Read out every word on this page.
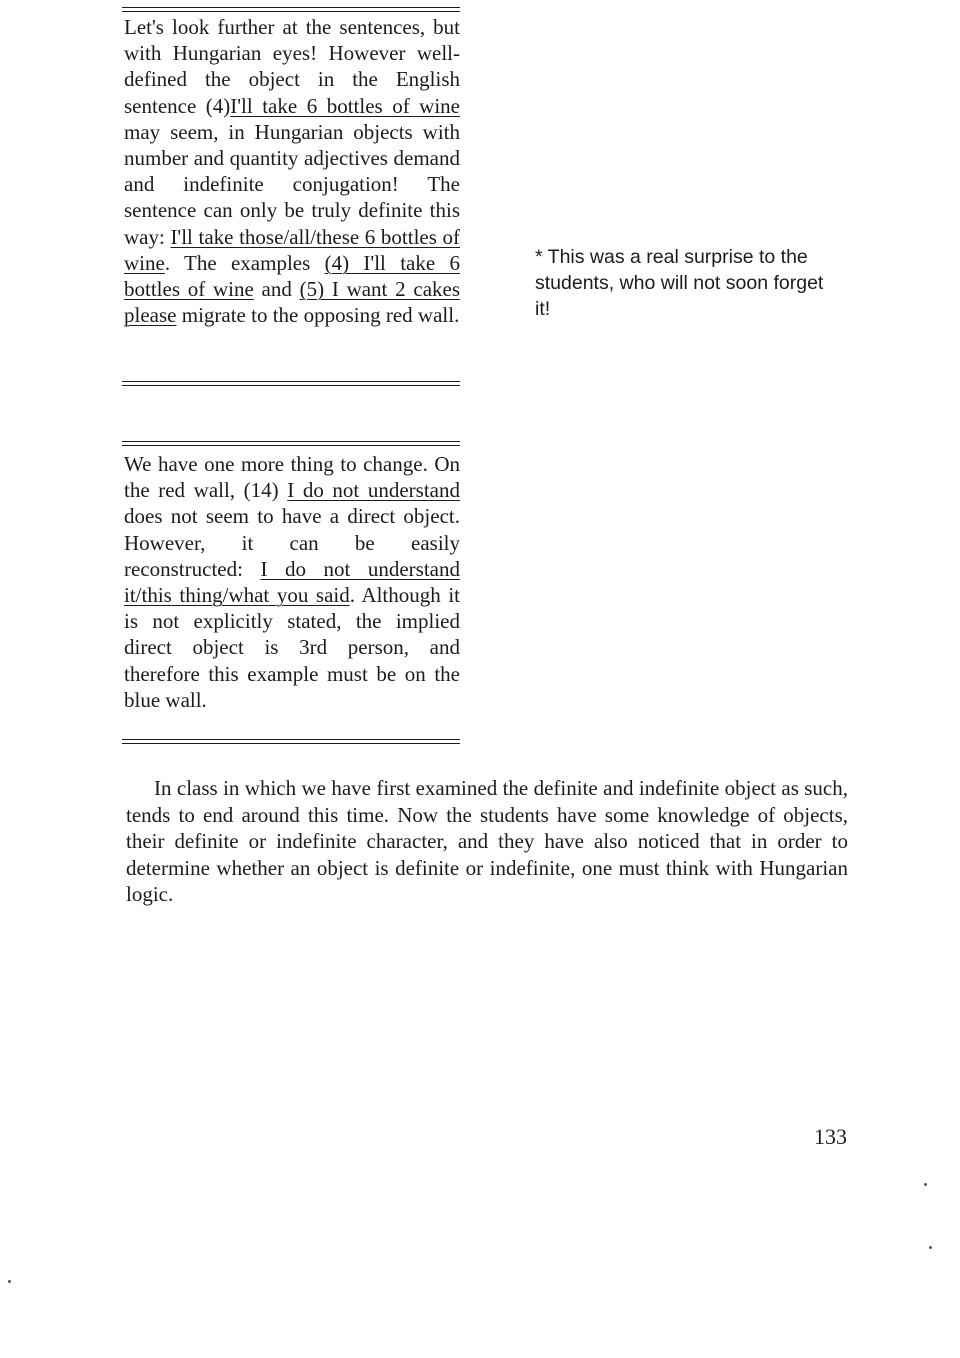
Let's look further at the sentences, but with Hungarian eyes! However well-defined the object in the English sentence (4)I'll take 6 bottles of wine may seem, in Hungarian objects with number and quantity adjectives demand and indefinite conjugation! The sentence can only be truly definite this way: I'll take those/all/these 6 bottles of wine. The examples (4) I'll take 6 bottles of wine and (5) I want 2 cakes please migrate to the opposing red wall.
* This was a real surprise to the students, who will not soon forget it!
We have one more thing to change. On the red wall, (14) I do not understand does not seem to have a direct object. However, it can be easily reconstructed: I do not understand it/this thing/what you said. Although it is not explicitly stated, the implied direct object is 3rd person, and therefore this example must be on the blue wall.
In class in which we have first examined the definite and indefinite object as such, tends to end around this time. Now the students have some knowledge of objects, their definite or indefinite character, and they have also noticed that in order to determine whether an object is definite or indefinite, one must think with Hungarian logic.
133
